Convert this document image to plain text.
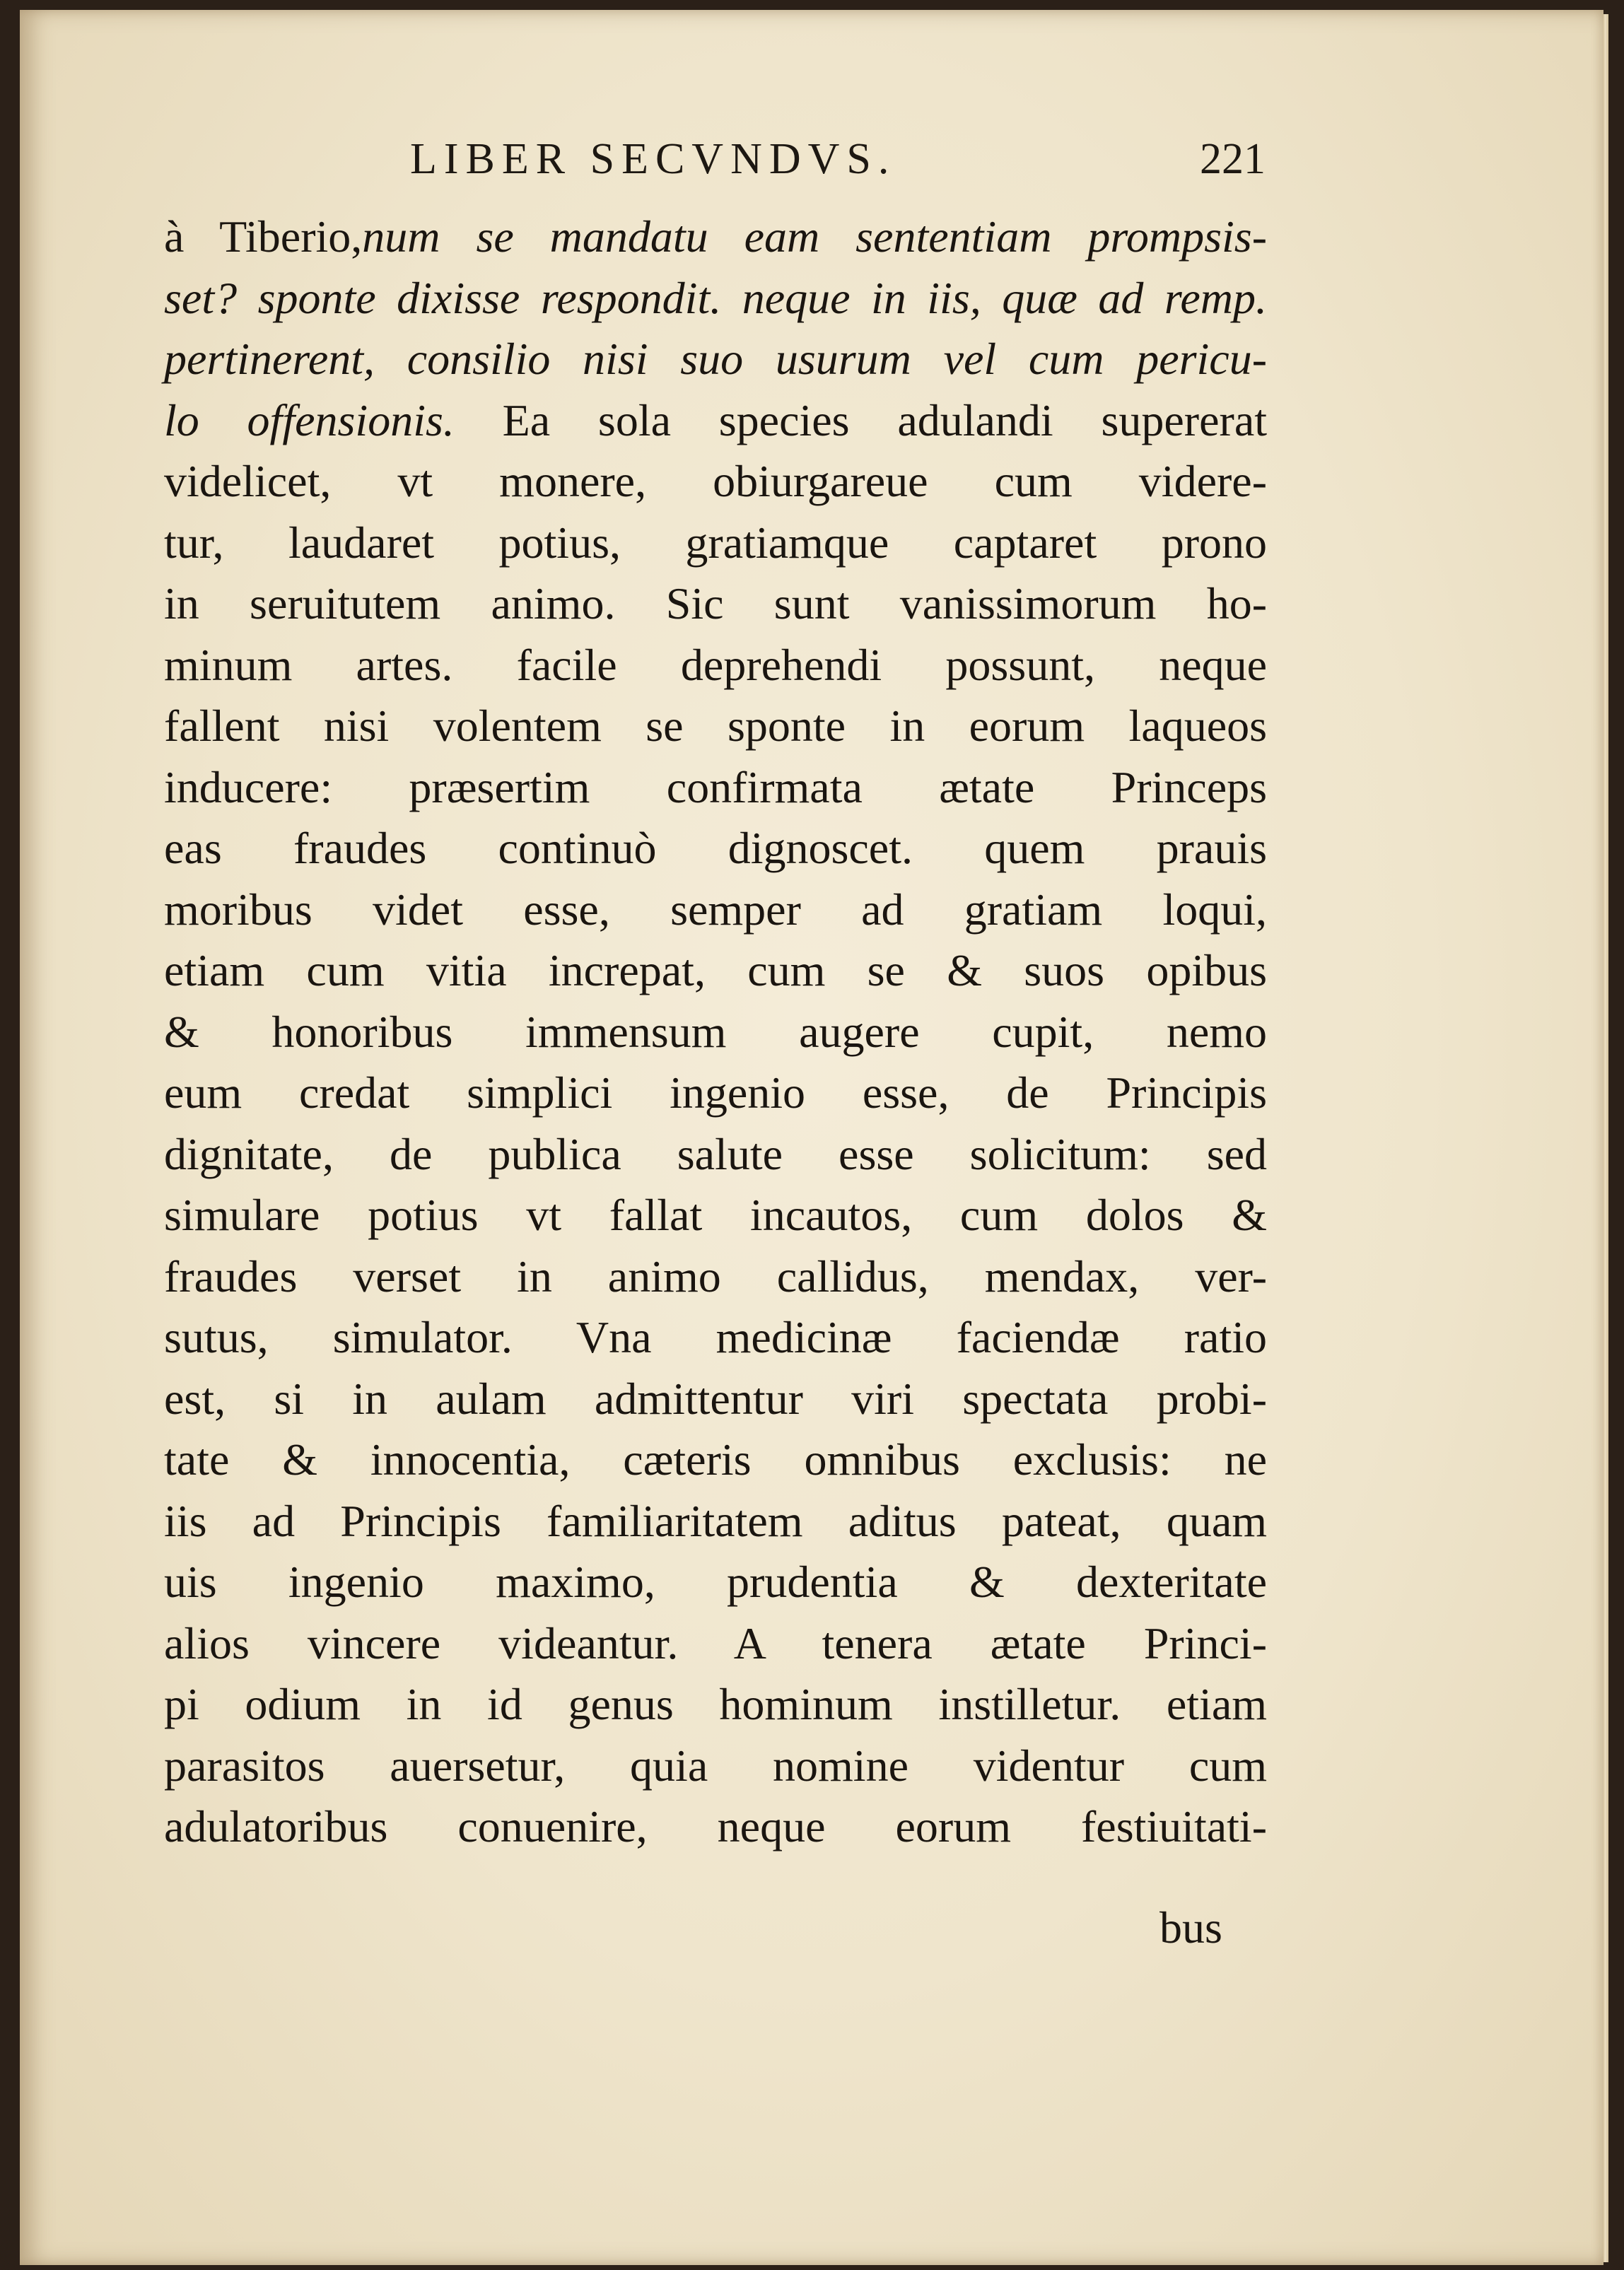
LIBER SECVNDVS.	221
à Tiberio,num se mandatu eam sententiam prompsis-
set? sponte dixisse respondit. neque in iis, quæ ad remp.
pertinerent, consilio nisi suo usurum vel cum pericu-
lo offensionis. Ea sola species adulandi supererat
videlicet, vt monere, obiurgareue cum videre-
tur, laudaret potius, gratiamque captaret prono
in seruitutem animo. Sic sunt vanissimorum ho-
minum artes. facile deprehendi possunt, neque
fallent nisi volentem se sponte in eorum laqueos
inducere: præsertim confirmata ætate Princeps
eas fraudes continuò dignoscet. quem prauis
moribus videt esse, semper ad gratiam loqui,
etiam cum vitia increpat, cum se & suos opibus
& honoribus immensum augere cupit, nemo
eum credat simplici ingenio esse, de Principis
dignitate, de publica salute esse solicitum: sed
simulare potius vt fallat incautos, cum dolos &
fraudes verset in animo callidus, mendax, ver-
sutus, simulator. Vna medicinæ faciendæ ratio
est, si in aulam admittentur viri spectata probi-
tate & innocentia, cæteris omnibus exclusis: ne
iis ad Principis familiaritatem aditus pateat, quam
uis ingenio maximo, prudentia & dexteritate
alios vincere videantur. A tenera ætate Princi-
pi odium in id genus hominum instilletur. etiam
parasitos auersetur, quia nomine videntur cum
adulatoribus conuenire, neque eorum festiuitati-
bus
